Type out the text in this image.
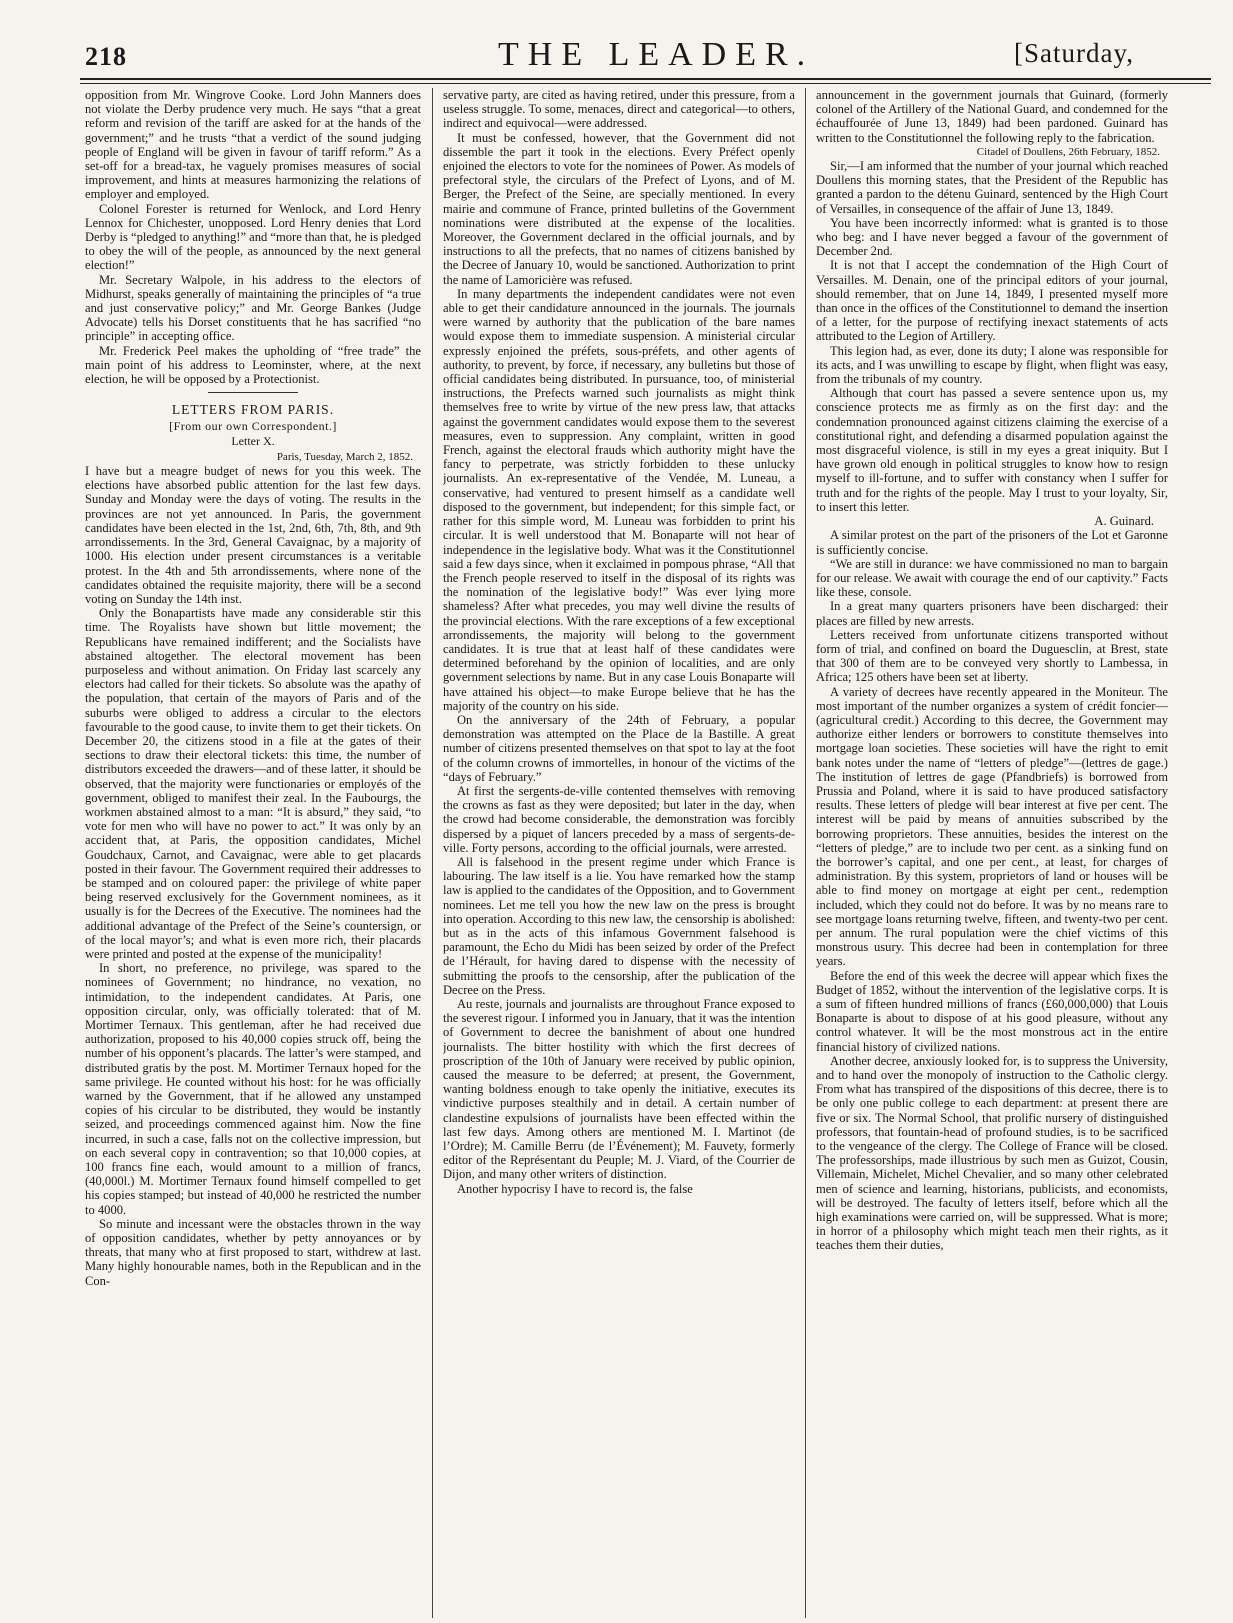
218	THE LEADER.	[Saturday,

opposition from Mr. Wingrove Cooke. Lord John Manners does not violate the Derby prudence very much. He says “that a great reform and revision of the tariff are asked for at the hands of the government;” and he trusts “that a verdict of the sound judging people of England will be given in favour of tariff reform.” As a set-off for a bread-tax, he vaguely promises measures of social improvement, and hints at measures harmonizing the relations of employer and employed.

Colonel Forester is returned for Wenlock, and Lord Henry Lennox for Chichester, unopposed. Lord Henry denies that Lord Derby is “pledged to anything!” and “more than that, he is pledged to obey the will of the people, as announced by the next general election!”

Mr. Secretary Walpole, in his address to the electors of Midhurst, speaks generally of maintaining the principles of “a true and just conservative policy;” and Mr. George Bankes (Judge Advocate) tells his Dorset constituents that he has sacrified “no principle” in accepting office.

Mr. Frederick Peel makes the upholding of “free trade” the main point of his address to Leominster, where, at the next election, he will be opposed by a Protectionist.

LETTERS FROM PARIS.
[From our own Correspondent.]
Letter X.
Paris, Tuesday, March 2, 1852.

I have but a meagre budget of news for you this week. The elections have absorbed public attention for the last few days. Sunday and Monday were the days of voting. The results in the provinces are not yet announced. In Paris, the government candidates have been elected in the 1st, 2nd, 6th, 7th, 8th, and 9th arrondissements. In the 3rd, General Cavaignac, by a majority of 1000. His election under present circumstances is a veritable protest. In the 4th and 5th arrondissements, where none of the candidates obtained the requisite majority, there will be a second voting on Sunday the 14th inst.

Only the Bonapartists have made any considerable stir this time. The Royalists have shown but little movement; the Republicans have remained indifferent; and the Socialists have abstained altogether. The electoral movement has been purposeless and without animation. On Friday last scarcely any electors had called for their tickets. So absolute was the apathy of the population, that certain of the mayors of Paris and of the suburbs were obliged to address a circular to the electors favourable to the good cause, to invite them to get their tickets. On December 20, the citizens stood in a file at the gates of their sections to draw their electoral tickets: this time, the number of distributors exceeded the drawers—and of these latter, it should be observed, that the majority were functionaries or employés of the government, obliged to manifest their zeal. In the Faubourgs, the workmen abstained almost to a man: “It is absurd,” they said, “to vote for men who will have no power to act.” It was only by an accident that, at Paris, the opposition candidates, Michel Goudchaux, Carnot, and Cavaignac, were able to get placards posted in their favour. The Government required their addresses to be stamped and on coloured paper: the privilege of white paper being reserved exclusively for the Government nominees, as it usually is for the Decrees of the Executive. The nominees had the additional advantage of the Prefect of the Seine’s countersign, or of the local mayor’s; and what is even more rich, their placards were printed and posted at the expense of the municipality!

In short, no preference, no privilege, was spared to the nominees of Government; no hindrance, no vexation, no intimidation, to the independent candidates. At Paris, one opposition circular, only, was officially tolerated: that of M. Mortimer Ternaux. This gentleman, after he had received due authorization, proposed to his 40,000 copies struck off, being the number of his opponent’s placards. The latter’s were stamped, and distributed gratis by the post. M. Mortimer Ternaux hoped for the same privilege. He counted without his host: for he was officially warned by the Government, that if he allowed any unstamped copies of his circular to be distributed, they would be instantly seized, and proceedings commenced against him. Now the fine incurred, in such a case, falls not on the collective impression, but on each several copy in contravention; so that 10,000 copies, at 100 francs fine each, would amount to a million of francs, (40,000l.) M. Mortimer Ternaux found himself compelled to get his copies stamped; but instead of 40,000 he restricted the number to 4000.

So minute and incessant were the obstacles thrown in the way of opposition candidates, whether by petty annoyances or by threats, that many who at first proposed to start, withdrew at last. Many highly honourable names, both in the Republican and in the Con-

servative party, are cited as having retired, under this pressure, from a useless struggle. To some, menaces, direct and categorical—to others, indirect and equivocal—were addressed.

It must be confessed, however, that the Government did not dissemble the part it took in the elections. Every Préfect openly enjoined the electors to vote for the nominees of Power. As models of prefectoral style, the circulars of the Prefect of Lyons, and of M. Berger, the Prefect of the Seine, are specially mentioned. In every mairie and commune of France, printed bulletins of the Government nominations were distributed at the expense of the localities. Moreover, the Government declared in the official journals, and by instructions to all the prefects, that no names of citizens banished by the Decree of January 10, would be sanctioned. Authorization to print the name of Lamoricière was refused.

In many departments the independent candidates were not even able to get their candidature announced in the journals. The journals were warned by authority that the publication of the bare names would expose them to immediate suspension. A ministerial circular expressly enjoined the préfets, sous-préfets, and other agents of authority, to prevent, by force, if necessary, any bulletins but those of official candidates being distributed. In pursuance, too, of ministerial instructions, the Prefects warned such journalists as might think themselves free to write by virtue of the new press law, that attacks against the government candidates would expose them to the severest measures, even to suppression. Any complaint, written in good French, against the electoral frauds which authority might have the fancy to perpetrate, was strictly forbidden to these unlucky journalists. An ex-representative of the Vendée, M. Luneau, a conservative, had ventured to present himself as a candidate well disposed to the government, but independent; for this simple fact, or rather for this simple word, M. Luneau was forbidden to print his circular. It is well understood that M. Bonaparte will not hear of independence in the legislative body. What was it the Constitutionnel said a few days since, when it exclaimed in pompous phrase, “All that the French people reserved to itself in the disposal of its rights was the nomination of the legislative body!” Was ever lying more shameless? After what precedes, you may well divine the results of the provincial elections. With the rare exceptions of a few exceptional arrondissements, the majority will belong to the government candidates. It is true that at least half of these candidates were determined beforehand by the opinion of localities, and are only government selections by name. But in any case Louis Bonaparte will have attained his object—to make Europe believe that he has the majority of the country on his side.

On the anniversary of the 24th of February, a popular demonstration was attempted on the Place de la Bastille. A great number of citizens presented themselves on that spot to lay at the foot of the column crowns of immortelles, in honour of the victims of the “days of February.”

At first the sergents-de-ville contented themselves with removing the crowns as fast as they were deposited; but later in the day, when the crowd had become considerable, the demonstration was forcibly dispersed by a piquet of lancers preceded by a mass of sergents-de-ville. Forty persons, according to the official journals, were arrested.

All is falsehood in the present regime under which France is labouring. The law itself is a lie. You have remarked how the stamp law is applied to the candidates of the Opposition, and to Government nominees. Let me tell you how the new law on the press is brought into operation. According to this new law, the censorship is abolished: but as in the acts of this infamous Government falsehood is paramount, the Echo du Midi has been seized by order of the Prefect de l’Hérault, for having dared to dispense with the necessity of submitting the proofs to the censorship, after the publication of the Decree on the Press.

Au reste, journals and journalists are throughout France exposed to the severest rigour. I informed you in January, that it was the intention of Government to decree the banishment of about one hundred journalists. The bitter hostility with which the first decrees of proscription of the 10th of January were received by public opinion, caused the measure to be deferred; at present, the Government, wanting boldness enough to take openly the initiative, executes its vindictive purposes stealthily and in detail. A certain number of clandestine expulsions of journalists have been effected within the last few days. Among others are mentioned M. I. Martinot (de l’Ordre); M. Camille Berru (de l’Événement); M. Fauvety, formerly editor of the Représentant du Peuple; M. J. Viard, of the Courrier de Dijon, and many other writers of distinction.

Another hypocrisy I have to record is, the false

announcement in the government journals that Guinard, (formerly colonel of the Artillery of the National Guard, and condemned for the échauffourée of June 13, 1849) had been pardoned. Guinard has written to the Constitutionnel the following reply to the fabrication.

Citadel of Doullens, 26th February, 1852.

Sir,—I am informed that the number of your journal which reached Doullens this morning states, that the President of the Republic has granted a pardon to the détenu Guinard, sentenced by the High Court of Versailles, in consequence of the affair of June 13, 1849.

You have been incorrectly informed: what is granted is to those who beg: and I have never begged a favour of the government of December 2nd.

It is not that I accept the condemnation of the High Court of Versailles. M. Denain, one of the principal editors of your journal, should remember, that on June 14, 1849, I presented myself more than once in the offices of the Constitutionnel to demand the insertion of a letter, for the purpose of rectifying inexact statements of acts attributed to the Legion of Artillery.

This legion had, as ever, done its duty; I alone was responsible for its acts, and I was unwilling to escape by flight, when flight was easy, from the tribunals of my country.

Although that court has passed a severe sentence upon us, my conscience protects me as firmly as on the first day: and the condemnation pronounced against citizens claiming the exercise of a constitutional right, and defending a disarmed population against the most disgraceful violence, is still in my eyes a great iniquity. But I have grown old enough in political struggles to know how to resign myself to ill-fortune, and to suffer with constancy when I suffer for truth and for the rights of the people. May I trust to your loyalty, Sir, to insert this letter.

A. Guinard.

A similar protest on the part of the prisoners of the Lot et Garonne is sufficiently concise.

“We are still in durance: we have commissioned no man to bargain for our release. We await with courage the end of our captivity.” Facts like these, console.

In a great many quarters prisoners have been discharged: their places are filled by new arrests.

Letters received from unfortunate citizens transported without form of trial, and confined on board the Duguesclin, at Brest, state that 300 of them are to be conveyed very shortly to Lambessa, in Africa; 125 others have been set at liberty.

A variety of decrees have recently appeared in the Moniteur. The most important of the number organizes a system of crédit foncier—(agricultural credit.) According to this decree, the Government may authorize either lenders or borrowers to constitute themselves into mortgage loan societies. These societies will have the right to emit bank notes under the name of “letters of pledge”—(lettres de gage.) The institution of lettres de gage (Pfandbriefs) is borrowed from Prussia and Poland, where it is said to have produced satisfactory results. These letters of pledge will bear interest at five per cent. The interest will be paid by means of annuities subscribed by the borrowing proprietors. These annuities, besides the interest on the “letters of pledge,” are to include two per cent. as a sinking fund on the borrower’s capital, and one per cent., at least, for charges of administration. By this system, proprietors of land or houses will be able to find money on mortgage at eight per cent., redemption included, which they could not do before. It was by no means rare to see mortgage loans returning twelve, fifteen, and twenty-two per cent. per annum. The rural population were the chief victims of this monstrous usury. This decree had been in contemplation for three years.

Before the end of this week the decree will appear which fixes the Budget of 1852, without the intervention of the legislative corps. It is a sum of fifteen hundred millions of francs (£60,000,000) that Louis Bonaparte is about to dispose of at his good pleasure, without any control whatever. It will be the most monstrous act in the entire financial history of civilized nations.

Another decree, anxiously looked for, is to suppress the University, and to hand over the monopoly of instruction to the Catholic clergy. From what has transpired of the dispositions of this decree, there is to be only one public college to each department: at present there are five or six. The Normal School, that prolific nursery of distinguished professors, that fountain-head of profound studies, is to be sacrificed to the vengeance of the clergy. The College of France will be closed. The professorships, made illustrious by such men as Guizot, Cousin, Villemain, Michelet, Michel Chevalier, and so many other celebrated men of science and learning, historians, publicists, and economists, will be destroyed. The faculty of letters itself, before which all the high examinations were carried on, will be suppressed. What is more; in horror of a philosophy which might teach men their rights, as it teaches them their duties,
